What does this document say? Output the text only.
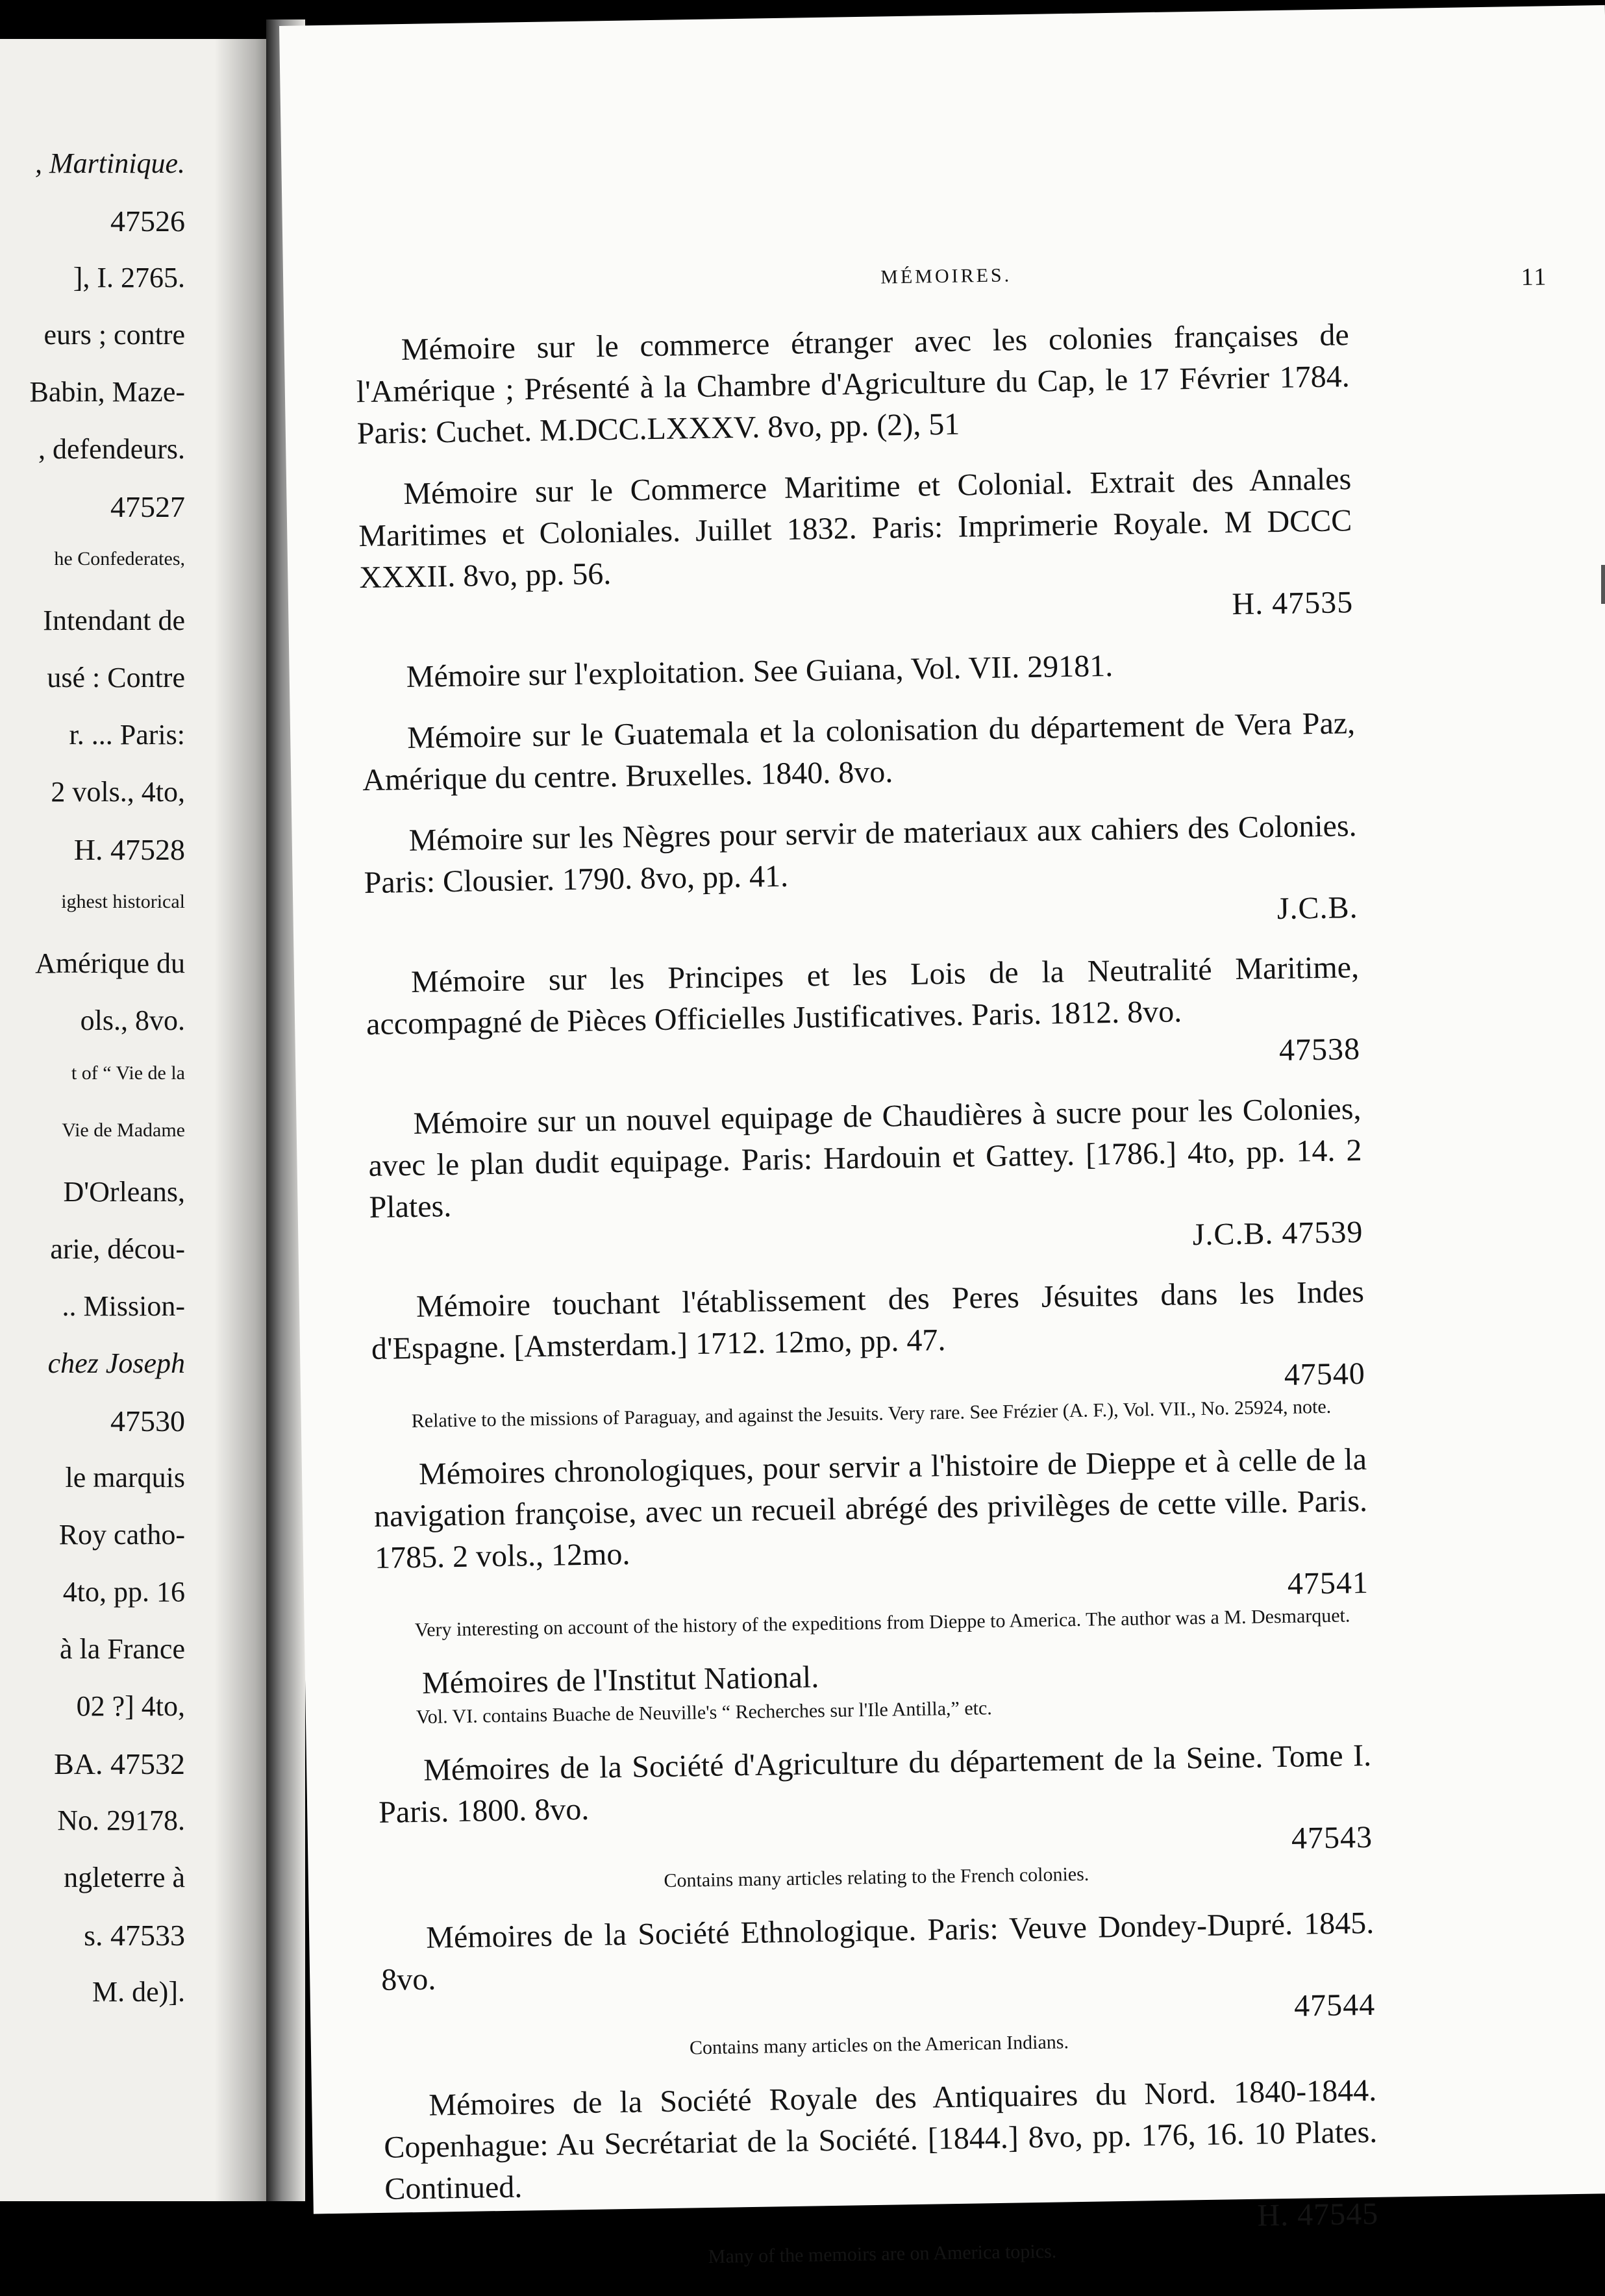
, Martinique.
47526
], I. 2765.
eurs ; contre
Babin, Maze-
, defendeurs.
47527
he Confederates,
Intendant de
usé : Contre
r. ... Paris:
2 vols., 4to,
H. 47528
ighest historical
Amérique du
ols., 8vo.
t of “ Vie de la
Vie de Madame
D'Orleans,
arie, décou-
.. Mission-
chez Joseph
47530
le marquis
Roy catho-
4to, pp. 16
à la France
02 ?] 4to,
BA. 47532
No. 29178.
ngleterre à
s. 47533
M. de)].
MÉMOIRES.	11

Mémoire sur le commerce étranger avec les colonies françaises de l'Amérique ; Présenté à la Chambre d'Agriculture du Cap, le 17 Février 1784. Paris: Cuchet. M.DCC.LXXXV. 8vo, pp. (2), 51

Mémoire sur le Commerce Maritime et Colonial. Extrait des Annales Maritimes et Coloniales. Juillet 1832. Paris: Imprimerie Royale. M DCCC XXXII. 8vo, pp. 56.

H. 47535

Mémoire sur l'exploitation. See Guiana, Vol. VII. 29181.

Mémoire sur le Guatemala et la colonisation du département de Vera Paz, Amérique du centre. Bruxelles. 1840. 8vo.

Mémoire sur les Nègres pour servir de materiaux aux cahiers des Colonies. Paris: Clousier. 1790. 8vo, pp. 41.

J.C.B.

Mémoire sur les Principes et les Lois de la Neutralité Maritime, accompagné de Pièces Officielles Justificatives. Paris. 1812. 8vo.

47538

Mémoire sur un nouvel equipage de Chaudières à sucre pour les Colonies, avec le plan dudit equipage. Paris: Hardouin et Gattey. [1786.] 4to, pp. 14. 2 Plates.

J.C.B. 47539

Mémoire touchant l'établissement des Peres Jésuites dans les Indes d'Espagne. [Amsterdam.] 1712. 12mo, pp. 47.

47540

Relative to the missions of Paraguay, and against the Jesuits. Very rare. See Frézier (A. F.), Vol. VII., No. 25924, note.

Mémoires chronologiques, pour servir a l'histoire de Dieppe et à celle de la navigation françoise, avec un recueil abrégé des privilèges de cette ville. Paris. 1785. 2 vols., 12mo.

47541

Very interesting on account of the history of the expeditions from Dieppe to America. The author was a M. Desmarquet.

Mémoires de l'Institut National.

Vol. VI. contains Buache de Neuville's “ Recherches sur l'Ile Antilla,” etc.

Mémoires de la Société d'Agriculture du département de la Seine. Tome I. Paris. 1800. 8vo.

47543

Contains many articles relating to the French colonies.

Mémoires de la Société Ethnologique. Paris: Veuve Dondey-Dupré. 1845. 8vo.

47544

Contains many articles on the American Indians.

Mémoires de la Société Royale des Antiquaires du Nord. 1840-1844. Copenhague: Au Secrétariat de la Société. [1844.] 8vo, pp. 176, 16. 10 Plates. Continued.

H. 47545

Many of the memoirs are on America topics.
